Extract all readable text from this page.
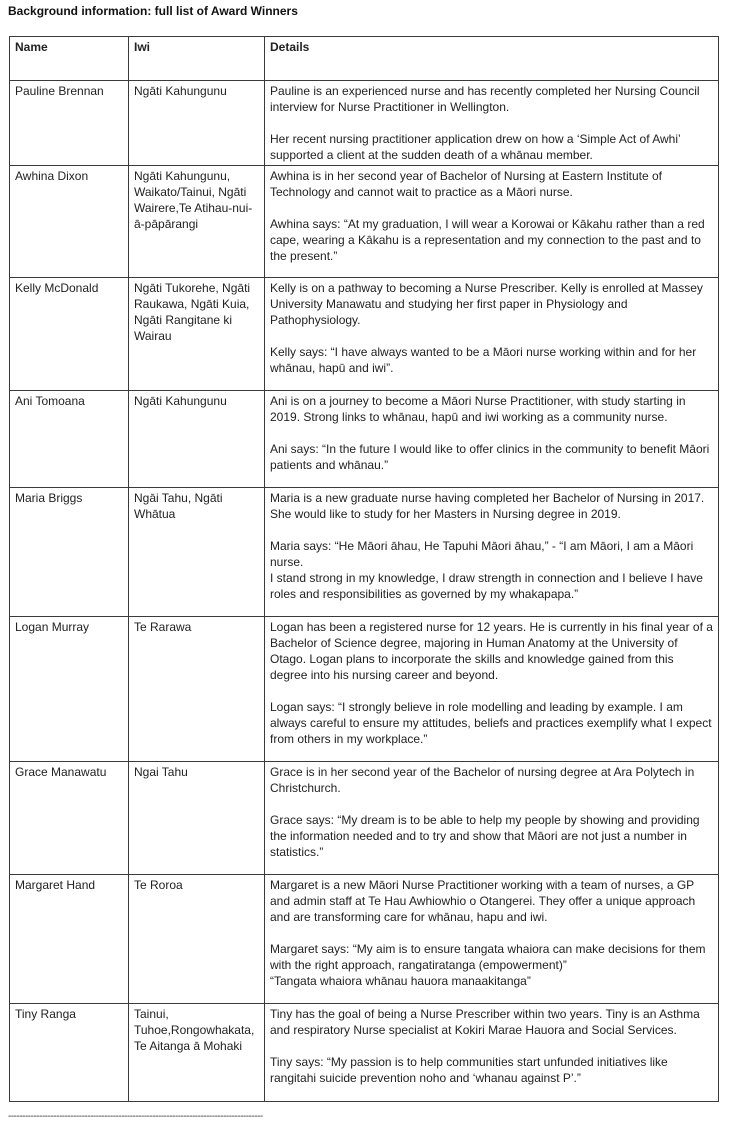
Background information: full list of Award Winners
Name	Iwi	Details
Pauline Brennan	Ngāti Kahungunu	Pauline is an experienced nurse and has recently completed her Nursing Council interview for Nurse Practitioner in Wellington.

Her recent nursing practitioner application drew on how a ‘Simple Act of Awhi’ supported a client at the sudden death of a whānau member.

Awhina Dixon	Ngāti Kahungunu, Waikato/Tainui, Ngāti Wairere,Te Atihau-nui-ā-pāpārangi	Awhina is in her second year of Bachelor of Nursing at Eastern Institute of Technology and cannot wait to practice as a Māori nurse.

Awhina says: “At my graduation, I will wear a Korowai or Kākahu rather than a red cape, wearing a Kākahu is a representation and my connection to the past and to the present.”

Kelly McDonald	Ngāti Tukorehe, Ngāti Raukawa, Ngāti Kuia, Ngāti Rangitane ki Wairau	Kelly is on a pathway to becoming a Nurse Prescriber. Kelly is enrolled at Massey University Manawatu and studying her first paper in Physiology and Pathophysiology.

Kelly says: “I have always wanted to be a Māori nurse working within and for her whānau, hapū and iwi”.

Ani Tomoana	Ngāti Kahungunu	Ani is on a journey to become a Māori Nurse Practitioner, with study starting in 2019. Strong links to whānau, hapū and iwi working as a community nurse.

Ani says: “In the future I would like to offer clinics in the community to benefit Māori patients and whānau.”

Maria Briggs	Ngāi Tahu, Ngāti Whātua	Maria is a new graduate nurse having completed her Bachelor of Nursing in 2017. She would like to study for her Masters in Nursing degree in 2019.

Maria says: “He Māori āhau, He Tapuhi Māori āhau,” - “I am Māori, I am a Māori nurse.
I stand strong in my knowledge, I draw strength in connection and I believe I have roles and responsibilities as governed by my whakapapa.”

Logan Murray	Te Rarawa	Logan has been a registered nurse for 12 years. He is currently in his final year of a Bachelor of Science degree, majoring in Human Anatomy at the University of Otago. Logan plans to incorporate the skills and knowledge gained from this degree into his nursing career and beyond.

Logan says: “I strongly believe in role modelling and leading by example. I am always careful to ensure my attitudes, beliefs and practices exemplify what I expect from others in my workplace.”

Grace Manawatu	Ngai Tahu	Grace is in her second year of the Bachelor of nursing degree at Ara Polytech in Christchurch.

Grace says: “My dream is to be able to help my people by showing and providing the information needed and to try and show that Māori are not just a number in statistics.”

Margaret Hand	Te Roroa	Margaret is a new Māori Nurse Practitioner working with a team of nurses, a GP and admin staff at Te Hau Awhiowhio o Otangerei. They offer a unique approach and are transforming care for whānau, hapu and iwi.

Margaret says: “My aim is to ensure tangata whaiora can make decisions for them with the right approach, rangatiratanga (empowerment)”
“Tangata whaiora whānau hauora manaakitanga”

Tiny Ranga	Tainui, Tuhoe,Rongowhakata, Te Aitanga ā Mohaki	Tiny has the goal of being a Nurse Prescriber within two years. Tiny is an Asthma and respiratory Nurse specialist at Kokiri Marae Hauora and Social Services.

Tiny says: “My passion is to help communities start unfunded initiatives like rangitahi suicide prevention noho and ‘whanau against P’.”

------------------------------------------------------------------------------------------
